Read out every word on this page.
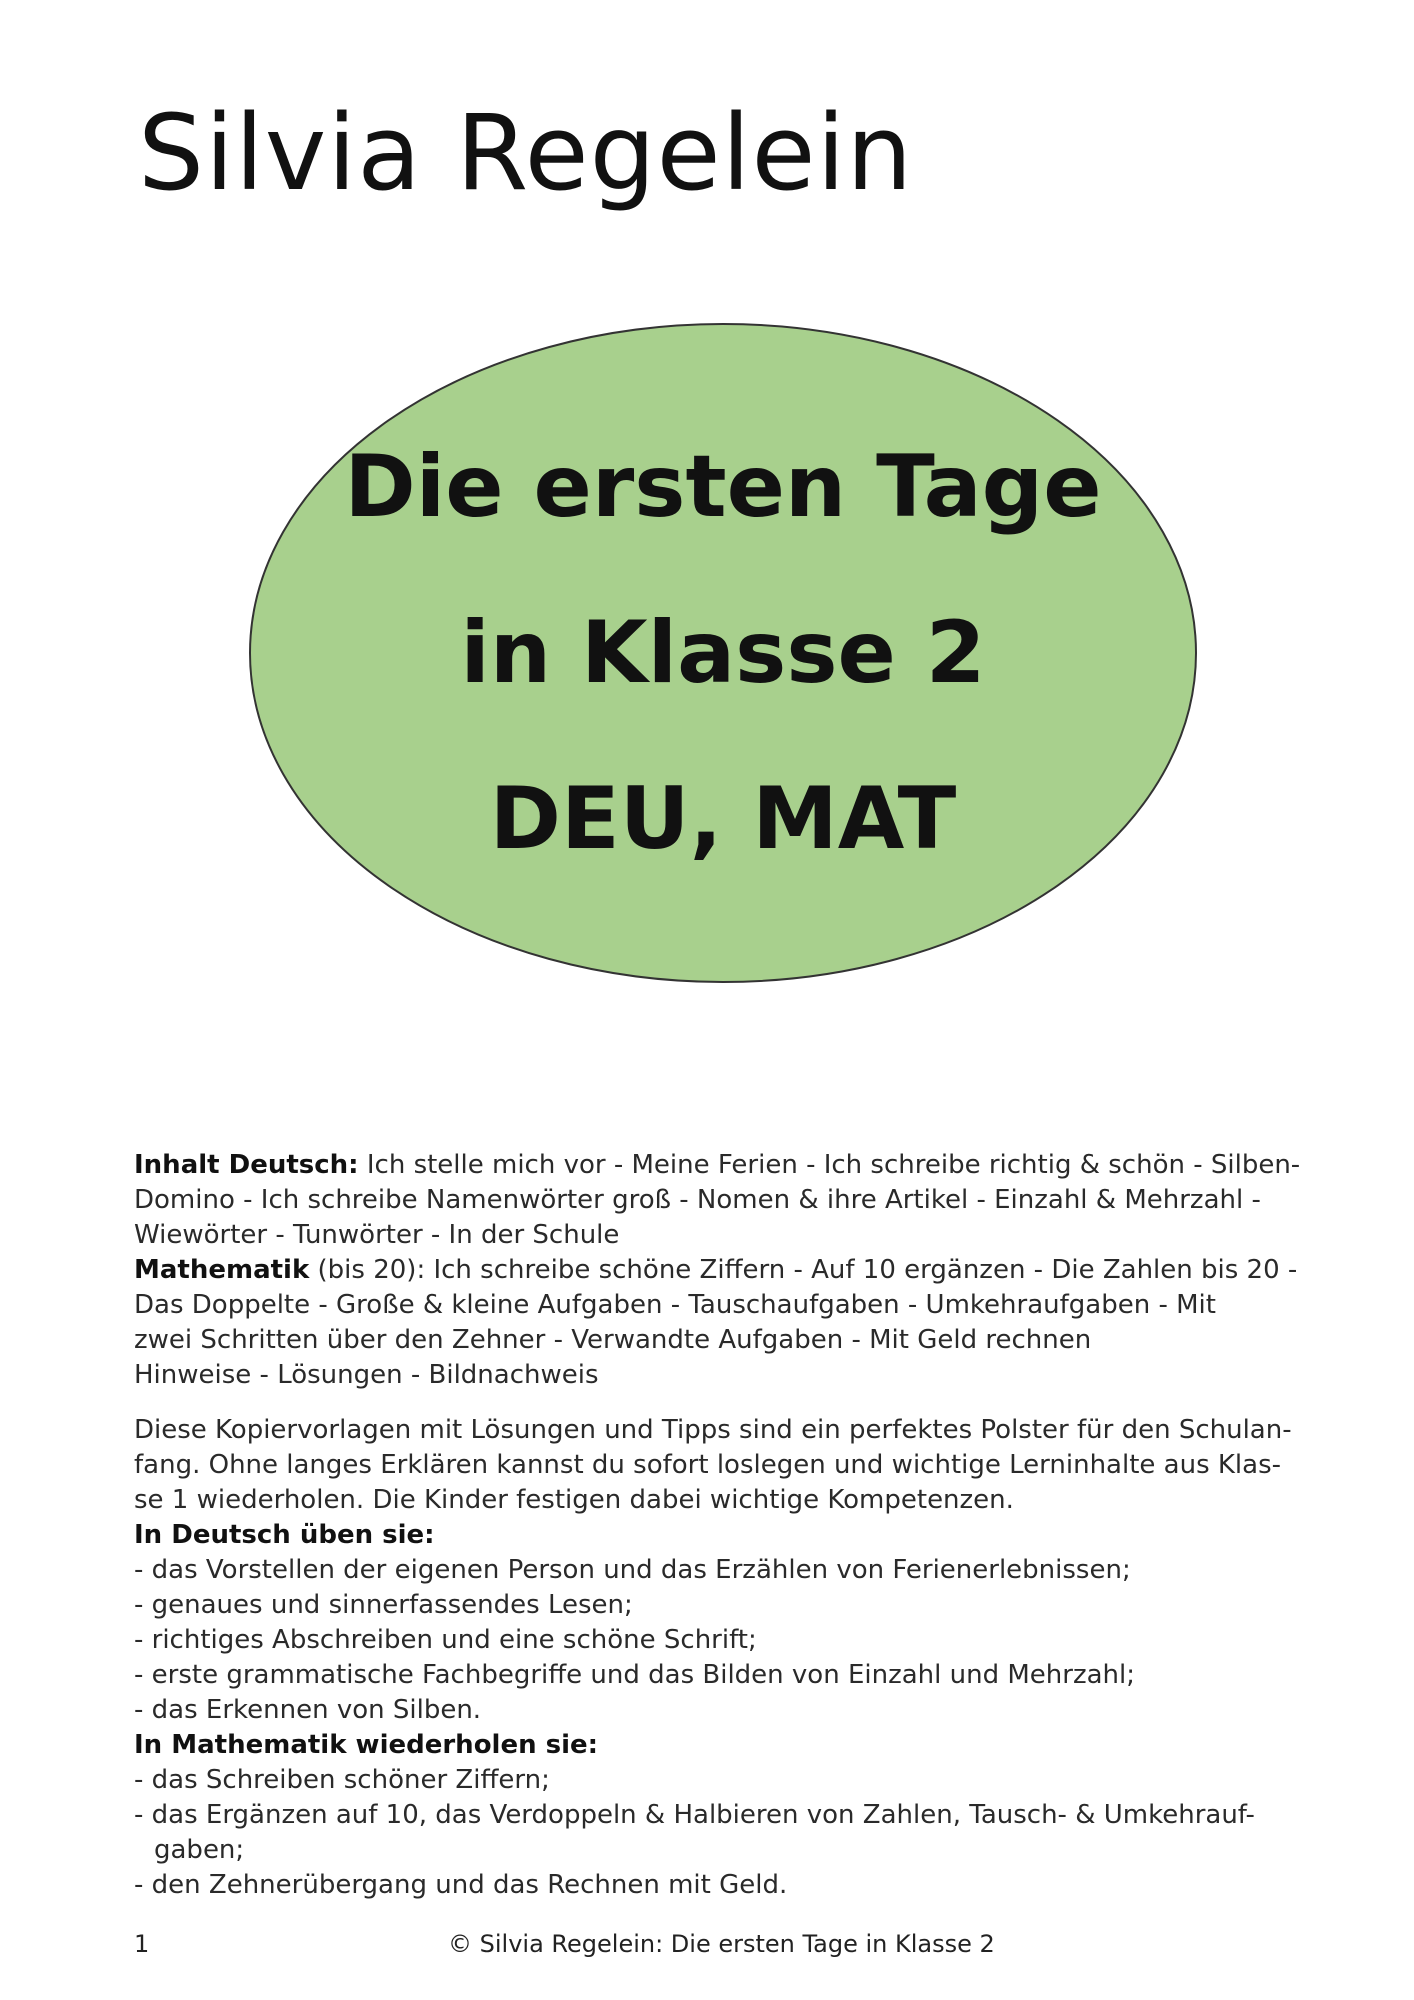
Silvia Regelein
Die ersten Tage
in Klasse 2
DEU, MAT

Inhalt Deutsch: Ich stelle mich vor - Meine Ferien - Ich schreibe richtig & schön - Silben-
Domino - Ich schreibe Namenwörter groß - Nomen & ihre Artikel - Einzahl & Mehrzahl -
Wiewörter - Tunwörter - In der Schule

Mathematik (bis 20): Ich schreibe schöne Ziffern - Auf 10 ergänzen - Die Zahlen bis 20 -
Das Doppelte - Große & kleine Aufgaben - Tauschaufgaben - Umkehraufgaben - Mit
zwei Schritten über den Zehner - Verwandte Aufgaben - Mit Geld rechnen
Hinweise - Lösungen - Bildnachweis

Diese Kopiervorlagen mit Lösungen und Tipps sind ein perfektes Polster für den Schulan-
fang. Ohne langes Erklären kannst du sofort loslegen und wichtige Lerninhalte aus Klas-
se 1 wiederholen. Die Kinder festigen dabei wichtige Kompetenzen.

In Deutsch üben sie:

- das Vorstellen der eigenen Person und das Erzählen von Ferienerlebnissen;

- genaues und sinnerfassendes Lesen;

- richtiges Abschreiben und eine schöne Schrift;

- erste grammatische Fachbegriffe und das Bilden von Einzahl und Mehrzahl;

- das Erkennen von Silben.

In Mathematik wiederholen sie:

- das Schreiben schöner Ziffern;

- das Ergänzen auf 10, das Verdoppeln & Halbieren von Zahlen, Tausch- & Umkehrauf-gaben;

- den Zehnerübergang und das Rechnen mit Geld.

1	© Silvia Regelein: Die ersten Tage in Klasse 2
